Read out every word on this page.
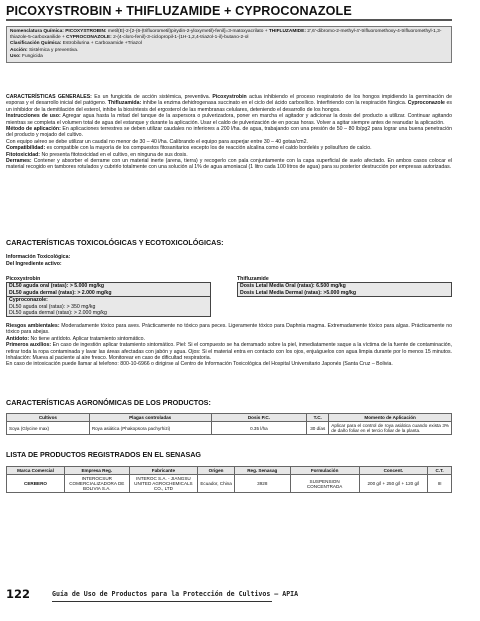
PICOXYSTROBIN + THIFLUZAMIDE + CYPROCONAZOLE
Nomenclatura Química: PICOXYSTROBIN: metil(E)-2-[2-(6-(trifluorometil)pirydin-2-yloxymetil)-fenil]=3-matoxyacrilato + THIFLUZAMIDE: 2',6'-dibromo-2-methyl-4'-trifluoromethoxy-4-trifluoromethyl-1,3-thiazole-5-carboxanilide + CYPROCONAZOLE: 2-(4-cloro-fenil)-3-ciclopropil-1-(1H-1,2,4-triazol-1-il)-butano-2-ol
Clasificación Química: Estrobilurina + Carboxamide +Triazol
Acción: Sistémica y preventiva.
Uso: Fungicida
CARACTERÍSTICAS GENERALES: Es un fungicida de acción sistémica, preventiva. Picoxystrobin actua inhibiendo el proceso respiratorio de los hongos impidiendo la germinación de esporas y el desarrollo inicial del patógeno. Thifluzamida: inhibe la enzima dehidrogenasa succinato en el ciclo del ácido carboxílico. Interfiriendo con la respiración fúngica. Cyproconazole es un inhibidor de la demitilación del esterol, inhibe la biosíntesis del ergosterol de las membranas celulares, deteniendo el desarrollo de los hongos.
Instrucciones de uso: Agregar agua hasta la mitad del tanque de la aspersora o pulverizadora, poner en marcha el agitador y adicionar la dosis del producto a utilizar. Continuar agitando mientras se completa el volumen total de agua del estanque y durante la aplicación. Usar el caldo de pulverización de en pocas horas. Volver a agitar siempre antes de reanudar la aplicación.
Método de aplicación: En aplicaciones terrestres se deben utilizar caudales no inferiores a 200 l/ha. de agua, trabajando con una presión de 50 – 80 lb/pg2 para lograr una buena penetración del producto y mojado del cultivo.
Con equipo aéreo se debe utilizar un caudal no menor de 30 – 40 l/ha. Calibrando el equipo para asperjar entre 30 – 40 gotas/cm2.
Compatibilidad: es compatible con la mayoría de los compuestos fitosanitarios excepto los de reacción alcalina como el caldo bordelés y polisulfuro de calcio.
Fitotoxicidad: No presenta fitotoxicidad en el cultivo, en ninguna de sus dosis.
Derrames: Contener y absorber el derrame con un material inerte (arena, tierra) y recogerlo con pala conjuntamente con la capa superficial de suelo afectado. En ambos casos colocar el material recogido en tambores rotulados y cubrirlo totalmente con una solución al 1% de agua amoniacal (1 litro cada 100 litros de agua) para su posterior destrucción por empresas autorizadas.
CARACTERÍSTICAS TOXICOLÓGICAS Y ECOTOXICOLÓGICAS:
Información Toxicológica:
Del Ingrediente activo:
Picoxystrobin
DL50 aguda oral (ratas): > 5.000 mg/kg
DL50 aguda dermal (ratas): > 2.000 mg/kg
Cyproconazole:
DL50 aguda oral (ratas): > 350 mg/kg
DL50 aguda dermal (ratas): > 2.000 mg/kg
Thifluzamide
Dosis Letal Media Oral (ratas): 6.500 mg/kg
Dosis Letal Media Dermal (ratas): >5.000 mg/kg
Riesgos ambientales: Moderadamente tóxico para aves. Prácticamente no tóxico para peces. Ligeramente tóxico para Daphnia magma. Extremadamente tóxico para algas. Prácticamente no tóxico para abejas.
Antídoto: No tiene antídoto. Aplicar tratamiento sintomático.
Primeros auxilios: En caso de ingestión aplicar tratamiento sintomático. Piel: Si el compuesto se ha derramado sobre la piel, inmediatamente saque a la víctima de la fuente de contaminación, retirar toda la ropa contaminada y lavar las áreas afectadas con jabón y agua. Ojos: Si el material entra en contacto con los ojos, enjuáguelos con agua limpia durante por lo menos 15 minutos. Inhalación: Mueva al paciente al aire fresco. Monitorear en caso de dificultad respiratoria.
En caso de intoxicación puede llamar al telefono: 800-10-6966 o dirigirse al Centro de Información Toxicológica del Hospital Universitario Japonés (Santa Cruz – Bolivia.
CARACTERÍSTICAS AGRONÓMICAS DE LOS PRODUCTOS:
Cultivos	Plagas controladas	Dosis P.C.	T.C.	Momento de Aplicación
Soya (Glycine max)	Roya asiática (Phakopsora pachyrhizi)	0.35 l/ha	30 días	Aplicar para el control de roya asiática cuando exista 3% de daño foliar en el tercio foliar de la planta.
LISTA DE PRODUCTOS REGISTRADOS EN EL SENASAG
Marca Comercial	Empresa Reg.	Fabricante	Origen	Reg. Senasag	Formulación	Concent.	C.T.
CERBERO	INTEROCSUR COMERCIALIZADORA DE BOLIVIA S.A.	INTEROC S.A. - JIANGSU UNITED AGROCHEMICALS CO., LTD	Ecuador, China	3928	SUSPENSION CONCENTRADA	200 g/l + 250 g/l + 120 g/l	III
122	Guía de Uso de Productos para la Protección de Cultivos – APIA
